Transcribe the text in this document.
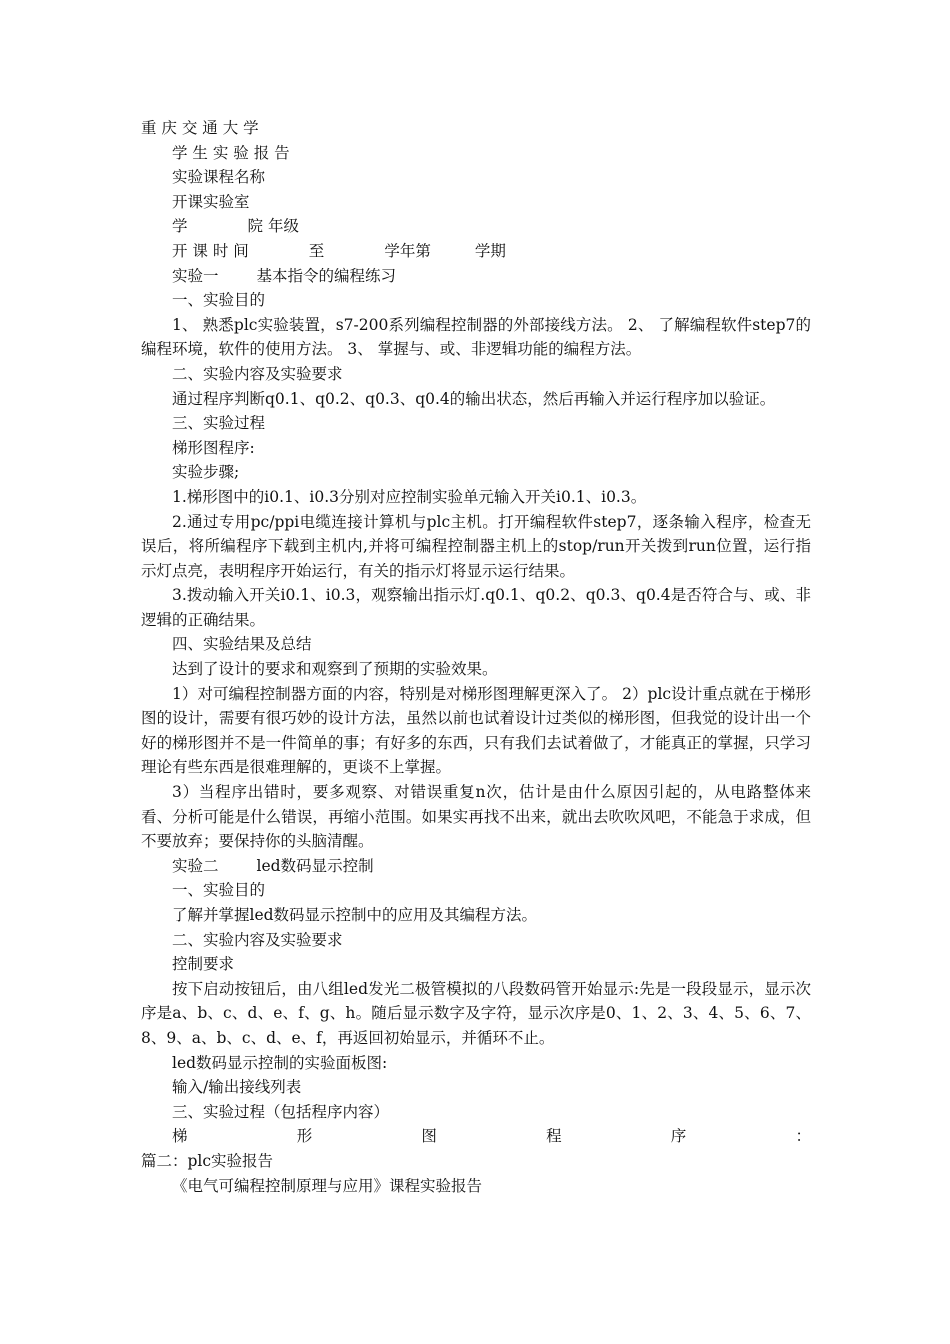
重 庆 交 通 大 学

学 生 实 验 报 告

实验课程名称

开课实验室

学	院 年级

开 课 时 间	至	学年第	学期

实验一 基本指令的编程练习

一、实验目的

1、 熟悉plc实验装置，s7-200系列编程控制器的外部接线方法。 2、 了解编程软件step7的编程环境，软件的使用方法。 3、 掌握与、或、非逻辑功能的编程方法。

二、实验内容及实验要求

通过程序判断q0.1、q0.2、q0.3、q0.4的输出状态，然后再输入并运行程序加以验证。

三、实验过程

梯形图程序:

实验步骤;

1.梯形图中的i0.1、i0.3分别对应控制实验单元输入开关i0.1、i0.3。

2.通过专用pc/ppi电缆连接计算机与plc主机。打开编程软件step7，逐条输入程序，检查无误后，将所编程序下载到主机内,并将可编程控制器主机上的stop/run开关拨到run位置，运行指示灯点亮，表明程序开始运行，有关的指示灯将显示运行结果。

3.拨动输入开关i0.1、i0.3，观察输出指示灯.q0.1、q0.2、q0.3、q0.4是否符合与、或、非逻辑的正确结果。

四、实验结果及总结

达到了设计的要求和观察到了预期的实验效果。

1）对可编程控制器方面的内容，特别是对梯形图理解更深入了。 2）plc设计重点就在于梯形图的设计，需要有很巧妙的设计方法，虽然以前也试着设计过类似的梯形图，但我觉的设计出一个好的梯形图并不是一件简单的事；有好多的东西，只有我们去试着做了，才能真正的掌握，只学习理论有些东西是很难理解的，更谈不上掌握。

3）当程序出错时，要多观察、对错误重复n次，估计是由什么原因引起的，从电路整体来看、分析可能是什么错误，再缩小范围。如果实再找不出来，就出去吹吹风吧，不能急于求成，但不要放弃；要保持你的头脑清醒。

实验二 led数码显示控制

一、实验目的

了解并掌握led数码显示控制中的应用及其编程方法。

二、实验内容及实验要求

控制要求

按下启动按钮后，由八组led发光二极管模拟的八段数码管开始显示:先是一段段显示，显示次序是a、b、c、d、e、f、g、h。随后显示数字及字符，显示次序是0、1、2、3、4、5、6、7、8、9、a、b、c、d、e、f，再返回初始显示，并循环不止。

led数码显示控制的实验面板图:

输入/输出接线列表

三、实验过程（包括程序内容）

梯	形	图	程	序	：

篇二：plc实验报告

《电气可编程控制原理与应用》课程实验报告
